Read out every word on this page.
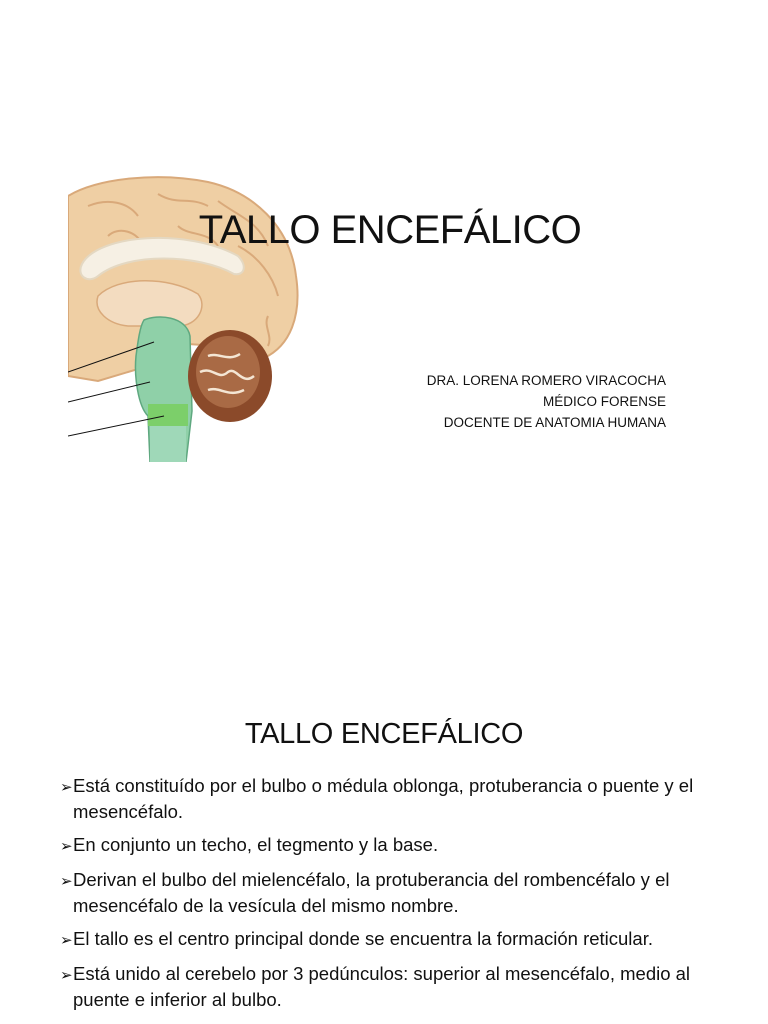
TALLO ENCEFÁLICO
DRA. LORENA ROMERO VIRACOCHA
MÉDICO FORENSE
DOCENTE DE ANATOMIA HUMANA
TALLO ENCEFÁLICO
➢Está constituído por el bulbo o médula oblonga, protuberancia o puente y el mesencéfalo.
➢En conjunto un techo, el tegmento y la base.
➢Derivan el bulbo del mielencéfalo, la protuberancia del rombencéfalo y el mesencéfalo de la vesícula del mismo nombre.
➢El tallo es el centro principal donde se encuentra la formación reticular.
➢Está unido al cerebelo por 3 pedúnculos: superior al mesencéfalo, medio al puente e inferior al bulbo.
